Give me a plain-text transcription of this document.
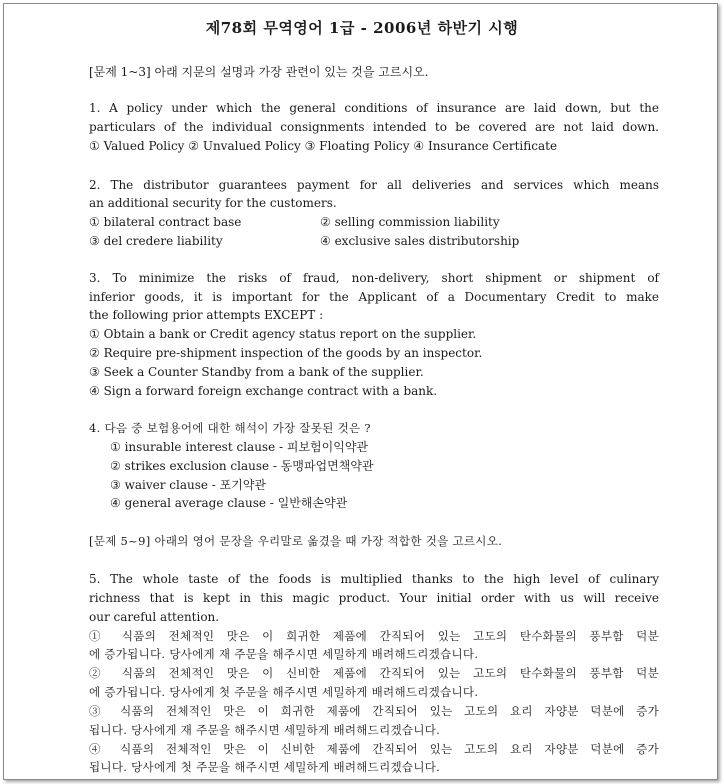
제78회 무역영어 1급 - 2006년 하반기 시행
[문제 1~3] 아래 지문의 설명과 가장 관련이 있는 것을 고르시오.
1. A policy under which the general conditions of insurance are laid down, but the
particulars of the individual consignments intended to be covered are not laid down.
① Valued Policy ② Unvalued Policy ③ Floating Policy ④ Insurance Certificate
2. The distributor guarantees payment for all deliveries and services which means
an additional security for the customers.
① bilateral contract base	② selling commission liability
③ del credere liability	④ exclusive sales distributorship
3. To minimize the risks of fraud, non-delivery, short shipment or shipment of
inferior goods, it is important for the Applicant of a Documentary Credit to make
the following prior attempts EXCEPT :
① Obtain a bank or Credit agency status report on the supplier.
② Require pre-shipment inspection of the goods by an inspector.
③ Seek a Counter Standby from a bank of the supplier.
④ Sign a forward foreign exchange contract with a bank.
4. 다음 중 보험용어에 대한 해석이 가장 잘못된 것은 ?
① insurable interest clause - 피보험이익약관
② strikes exclusion clause - 동맹파업면책약관
③ waiver clause - 포기약관
④ general average clause - 일반해손약관
[문제 5~9] 아래의 영어 문장을 우리말로 옮겼을 때 가장 적합한 것을 고르시오.
5. The whole taste of the foods is multiplied thanks to the high level of culinary
richness that is kept in this magic product. Your initial order with us will receive
our careful attention.
① 식품의 전체적인 맛은 이 희귀한 제품에 간직되어 있는 고도의 탄수화물의 풍부함 덕분
에 증가됩니다. 당사에게 재 주문을 해주시면 세밀하게 배려해드리겠습니다.
② 식품의 전체적인 맛은 이 신비한 제품에 간직되어 있는 고도의 탄수화물의 풍부함 덕분
에 증가됩니다. 당사에게 첫 주문을 해주시면 세밀하게 배려해드리겠습니다.
③ 식품의 전체적인 맛은 이 희귀한 제품에 간직되어 있는 고도의 요리 자양분 덕분에 증가
됩니다. 당사에게 재 주문을 해주시면 세밀하게 배려해드리겠습니다.
④ 식품의 전체적인 맛은 이 신비한 제품에 간직되어 있는 고도의 요리 자양분 덕분에 증가
됩니다. 당사에게 첫 주문을 해주시면 세밀하게 배려해드리겠습니다.
